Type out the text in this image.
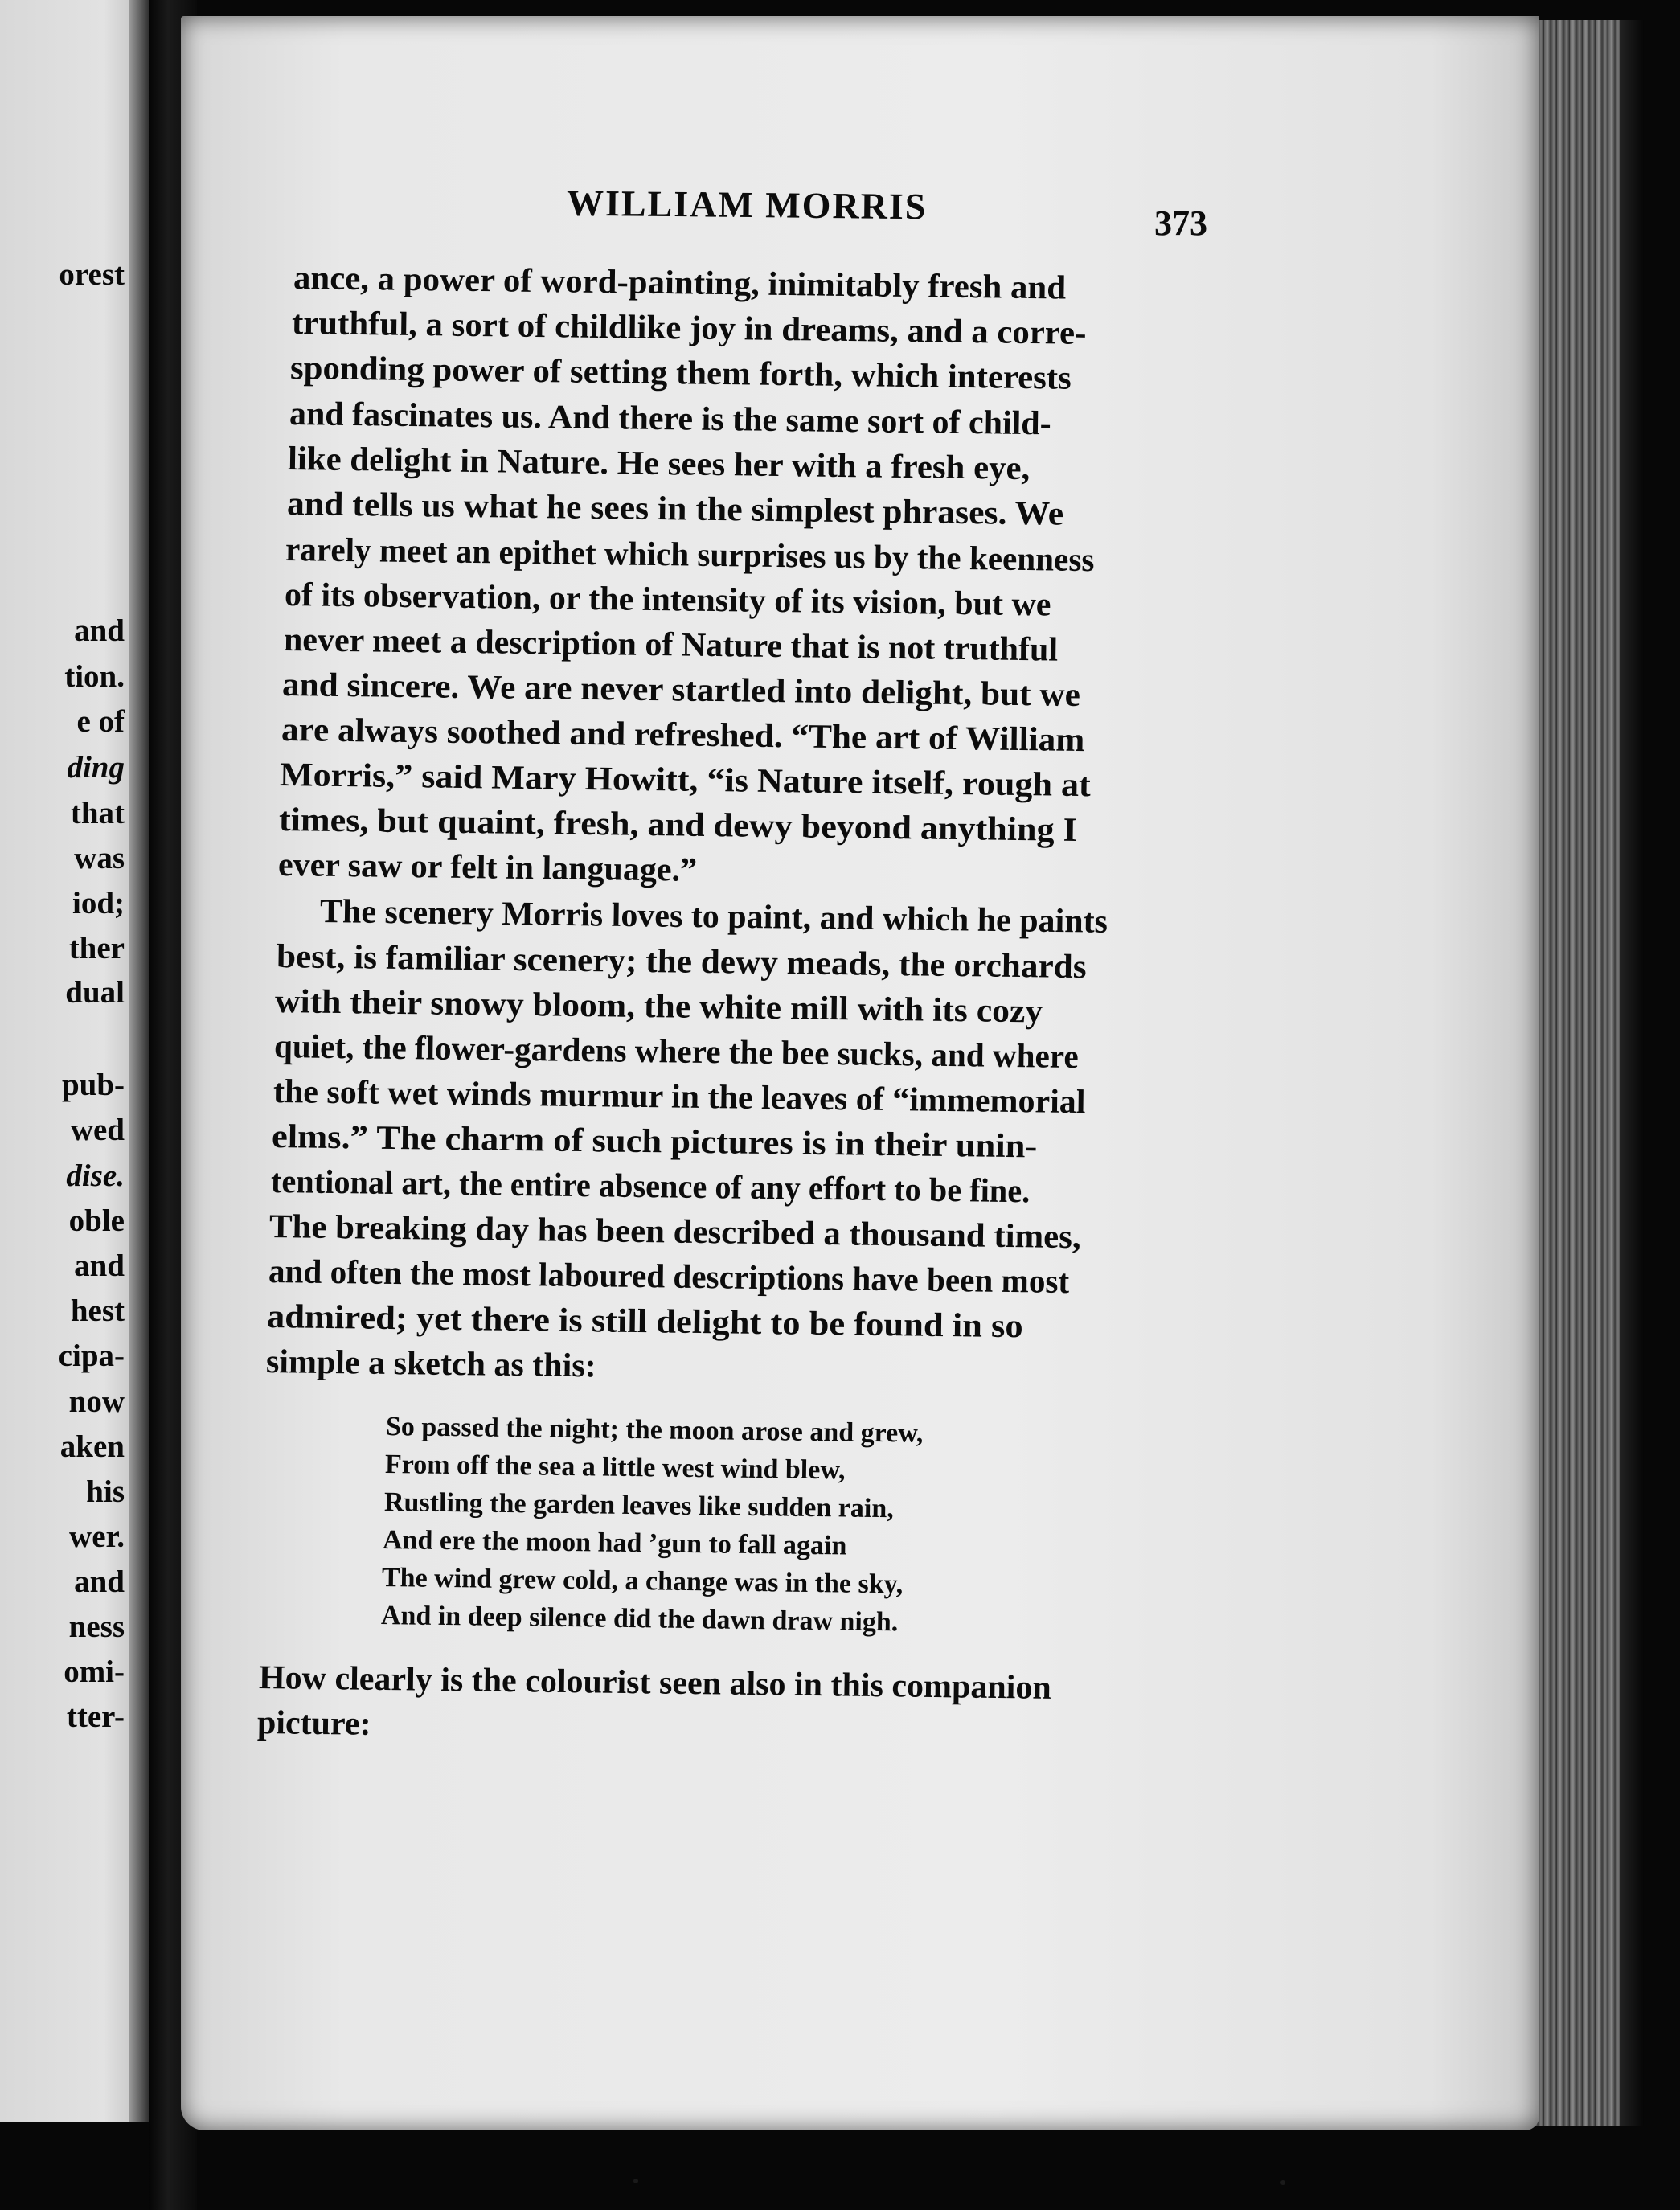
orest
and
tion.
e of
ding
that
was
iod;
ther
dual
pub-
wed
dise.
oble
and
hest
cipa-
now
aken
his
wer.
and
ness
omi-
tter-
WILLIAM MORRIS	373
ance, a power of word-painting, inimitably fresh and
truthful, a sort of childlike joy in dreams, and a corre-
sponding power of setting them forth, which interests
and fascinates us. And there is the same sort of child-
like delight in Nature. He sees her with a fresh eye,
and tells us what he sees in the simplest phrases. We
rarely meet an epithet which surprises us by the keenness
of its observation, or the intensity of its vision, but we
never meet a description of Nature that is not truthful
and sincere. We are never startled into delight, but we
are always soothed and refreshed. “The art of William
Morris,” said Mary Howitt, “is Nature itself, rough at
times, but quaint, fresh, and dewy beyond anything I
ever saw or felt in language.”
The scenery Morris loves to paint, and which he paints
best, is familiar scenery; the dewy meads, the orchards
with their snowy bloom, the white mill with its cozy
quiet, the flower-gardens where the bee sucks, and where
the soft wet winds murmur in the leaves of “immemorial
elms.” The charm of such pictures is in their unin-
tentional art, the entire absence of any effort to be fine.
The breaking day has been described a thousand times,
and often the most laboured descriptions have been most
admired; yet there is still delight to be found in so
simple a sketch as this:
So passed the night; the moon arose and grew,
From off the sea a little west wind blew,
Rustling the garden leaves like sudden rain,
And ere the moon had ’gun to fall again
The wind grew cold, a change was in the sky,
And in deep silence did the dawn draw nigh.
How clearly is the colourist seen also in this companion
picture:
